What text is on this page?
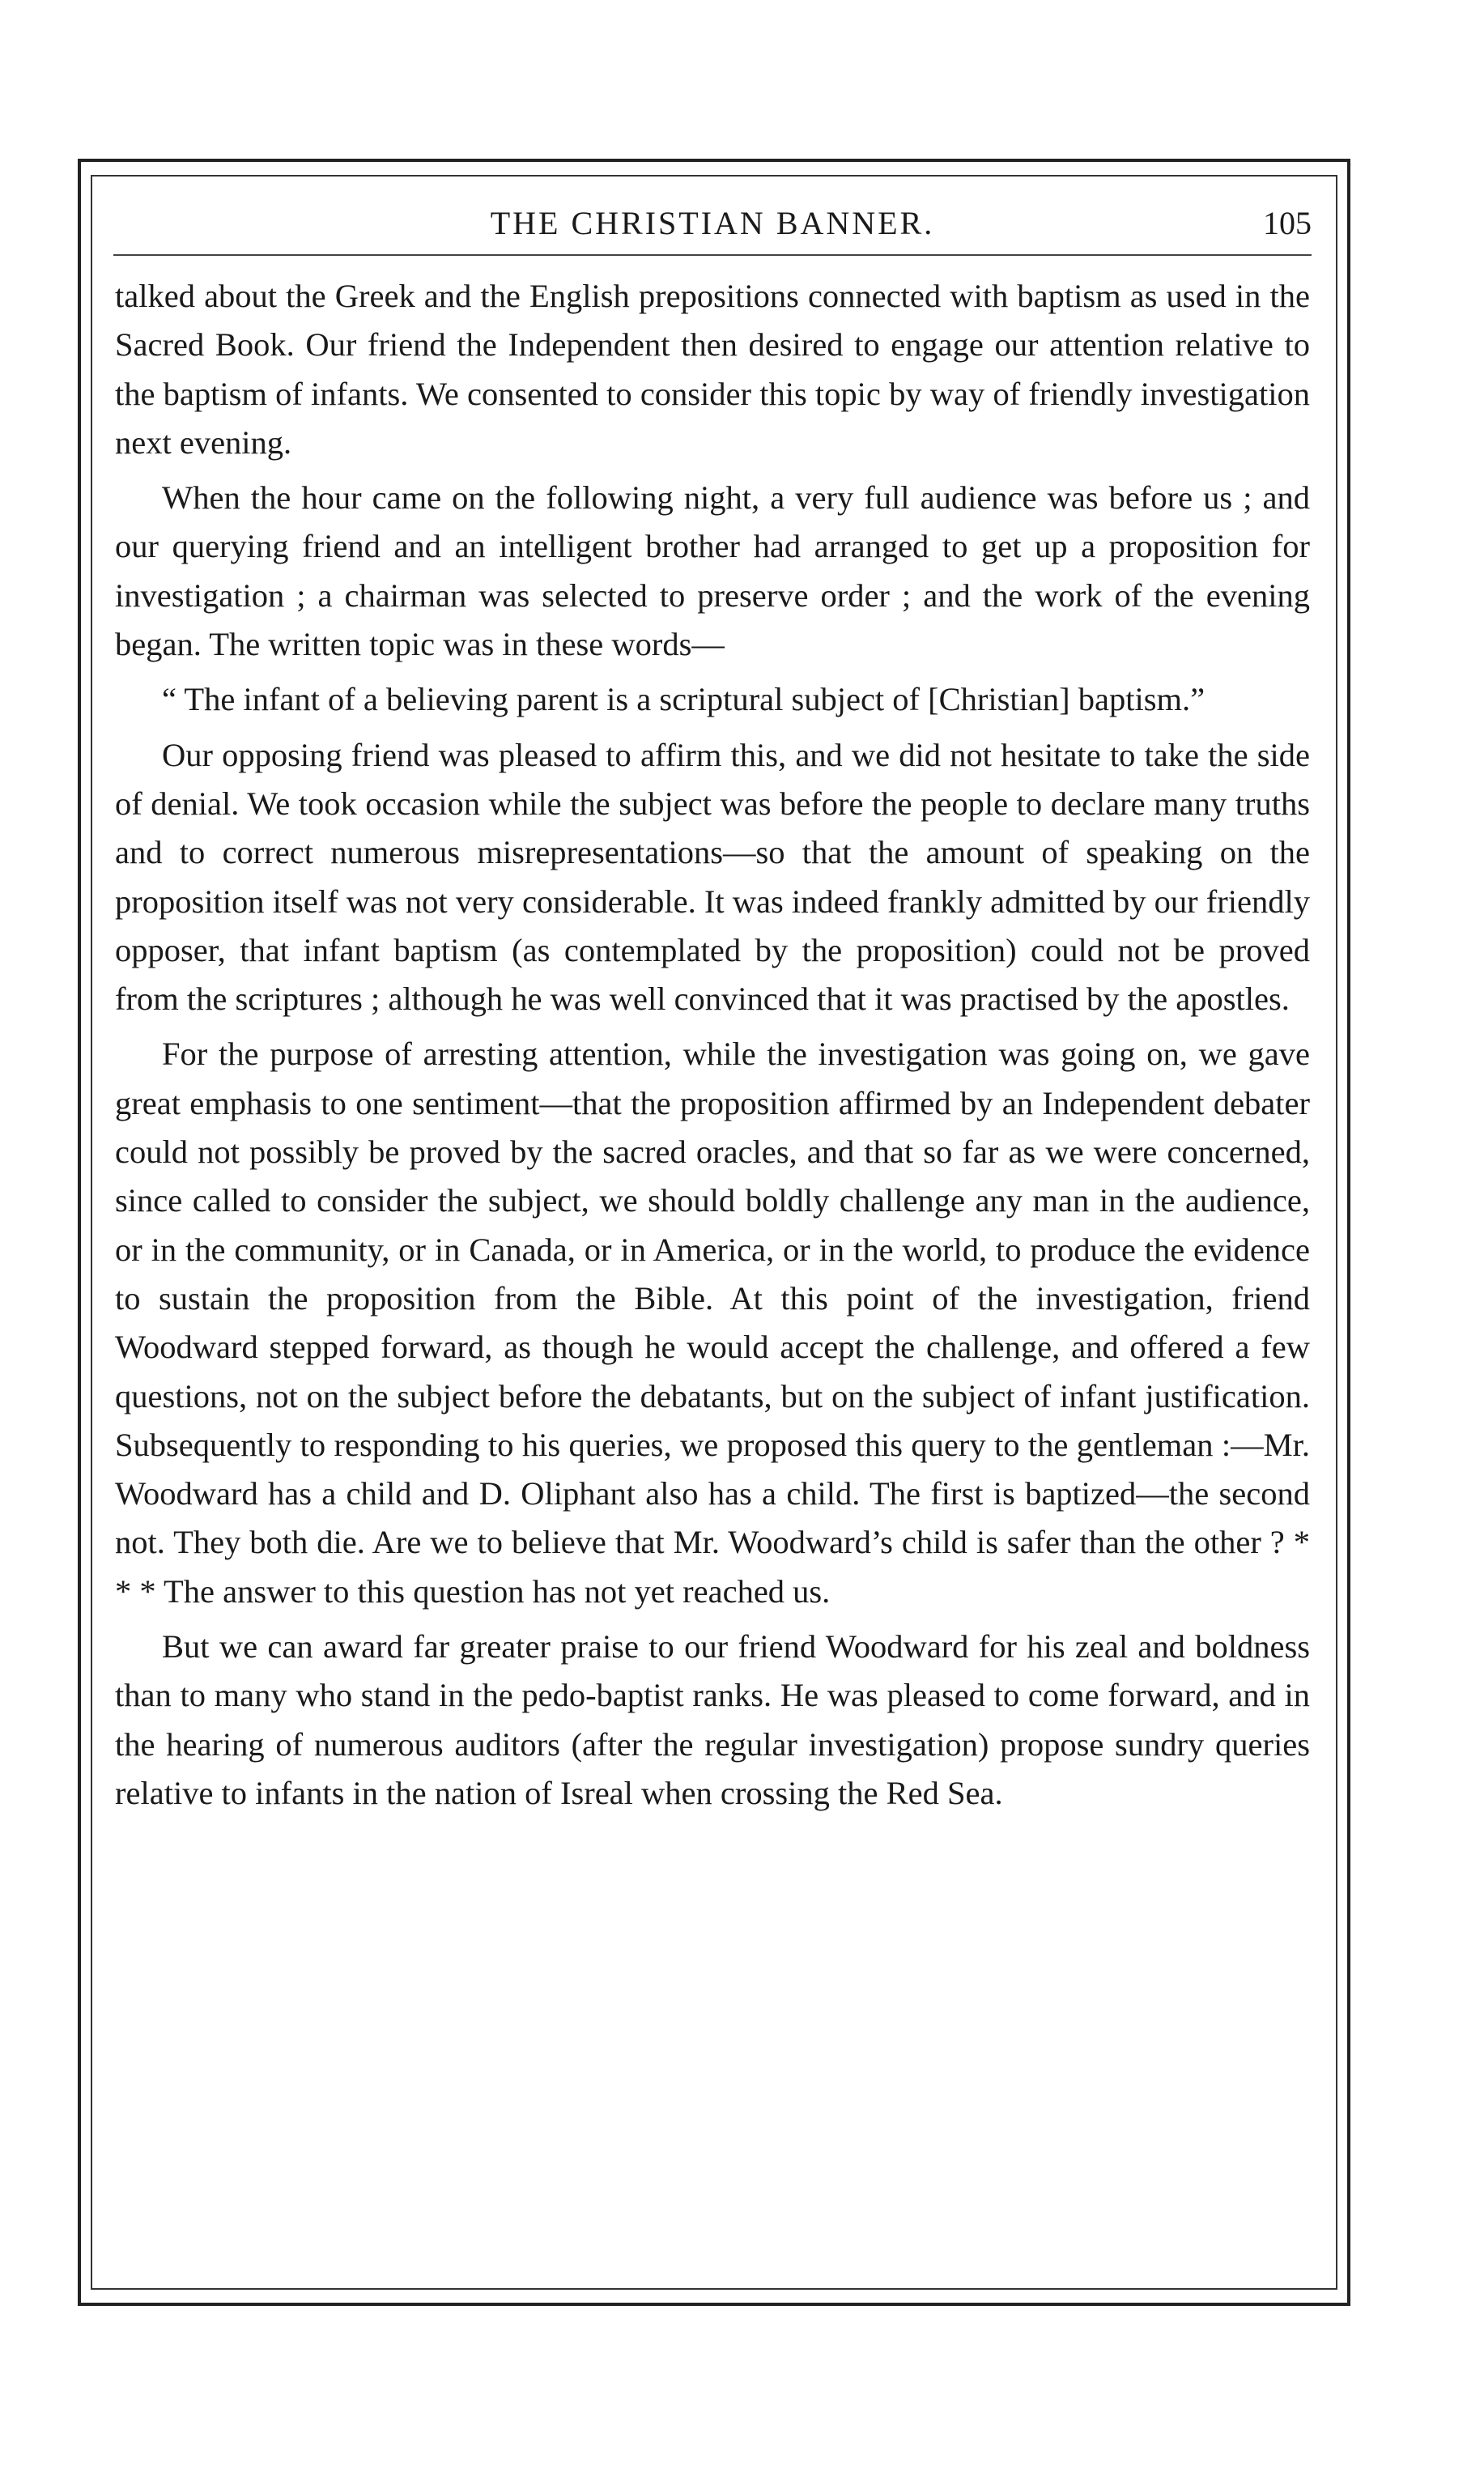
THE CHRISTIAN BANNER.	105

talked about the Greek and the English prepositions connected with baptism as used in the Sacred Book. Our friend the Independent then desired to engage our attention relative to the baptism of infants. We consented to consider this topic by way of friendly investigation next evening.

When the hour came on the following night, a very full audience was before us ; and our querying friend and an intelligent brother had arranged to get up a proposition for investigation ; a chairman was selected to preserve order ; and the work of the evening began. The written topic was in these words—

“ The infant of a believing parent is a scriptural subject of [Christian] baptism.”

Our opposing friend was pleased to affirm this, and we did not hesitate to take the side of denial. We took occasion while the subject was before the people to declare many truths and to correct numerous misrepresentations—so that the amount of speaking on the proposition itself was not very considerable. It was indeed frankly admitted by our friendly opposer, that infant baptism (as contemplated by the proposition) could not be proved from the scriptures ; although he was well convinced that it was practised by the apostles.

For the purpose of arresting attention, while the investigation was going on, we gave great emphasis to one sentiment—that the proposition affirmed by an Independent debater could not possibly be proved by the sacred oracles, and that so far as we were concerned, since called to consider the subject, we should boldly challenge any man in the audience, or in the community, or in Canada, or in America, or in the world, to produce the evidence to sustain the proposition from the Bible. At this point of the investigation, friend Woodward stepped forward, as though he would accept the challenge, and offered a few questions, not on the subject before the debatants, but on the subject of infant justification. Subsequently to responding to his queries, we proposed this query to the gentleman :—Mr. Woodward has a child and D. Oliphant also has a child. The first is baptized—the second not. They both die. Are we to believe that Mr. Woodward’s child is safer than the other ? * * * The answer to this question has not yet reached us.

But we can award far greater praise to our friend Woodward for his zeal and boldness than to many who stand in the pedo-baptist ranks. He was pleased to come forward, and in the hearing of numerous auditors (after the regular investigation) propose sundry queries relative to infants in the nation of Isreal when crossing the Red Sea.
